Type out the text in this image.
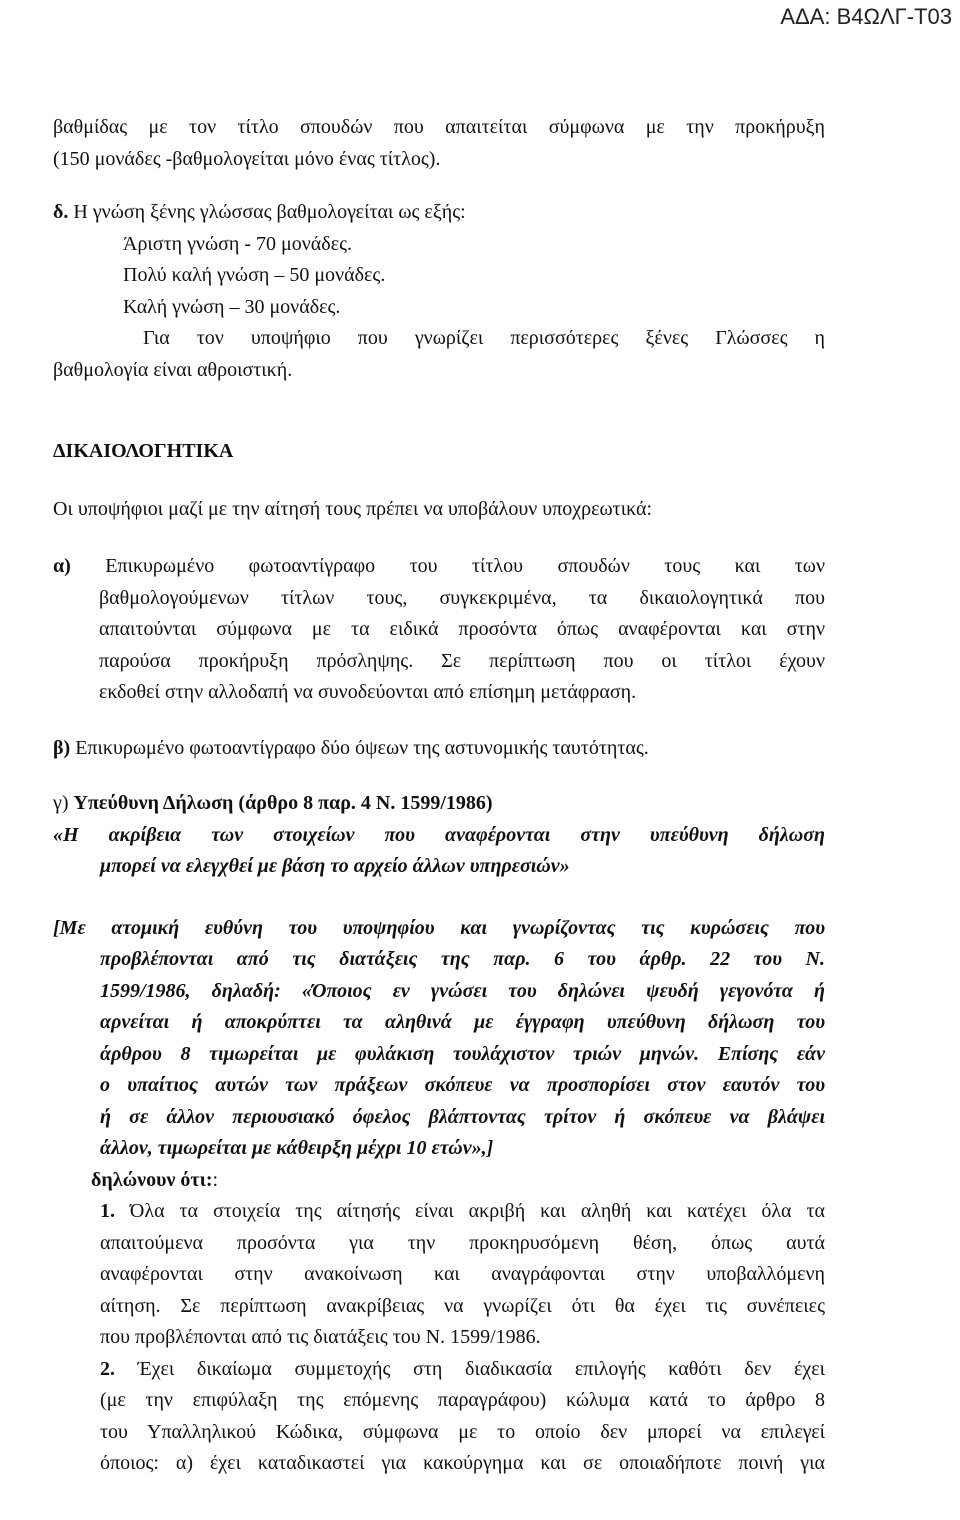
ΑΔΑ: Β4ΩΛΓ-Τ03
βαθμίδας με τον τίτλο σπουδών που απαιτείται σύμφωνα με την προκήρυξη
(150 μονάδες -βαθμολογείται μόνο ένας τίτλος).
δ. Η γνώση ξένης γλώσσας βαθμολογείται ως εξής:
Άριστη γνώση - 70 μονάδες.
Πολύ καλή γνώση – 50 μονάδες.
Καλή γνώση – 30 μονάδες.
Για τον υποψήφιο που γνωρίζει περισσότερες ξένες Γλώσσες η
βαθμολογία είναι αθροιστική.
ΔΙΚΑΙΟΛΟΓΗΤΙΚΑ
Οι υποψήφιοι μαζί με την αίτησή τους πρέπει να υποβάλουν υποχρεωτικά:
α) Επικυρωμένο φωτοαντίγραφο του τίτλου σπουδών τους και των
βαθμολογούμενων τίτλων τους, συγκεκριμένα, τα δικαιολογητικά που
απαιτούνται σύμφωνα με τα ειδικά προσόντα όπως αναφέρονται και στην
παρούσα προκήρυξη πρόσληψης. Σε περίπτωση που οι τίτλοι έχουν
εκδοθεί στην αλλοδαπή να συνοδεύονται από επίσημη μετάφραση.
β) Επικυρωμένο φωτοαντίγραφο δύο όψεων της αστυνομικής ταυτότητας.
γ) Υπεύθυνη Δήλωση (άρθρο 8 παρ. 4 Ν. 1599/1986)
«Η ακρίβεια των στοιχείων που αναφέρονται στην υπεύθυνη δήλωση
μπορεί να ελεγχθεί με βάση το αρχείο άλλων υπηρεσιών»
[Με ατομική ευθύνη του υποψηφίου και γνωρίζοντας τις κυρώσεις που
προβλέπονται από τις διατάξεις της παρ. 6 του άρθρ. 22 του Ν.
1599/1986, δηλαδή: «Όποιος εν γνώσει του δηλώνει ψευδή γεγονότα ή
αρνείται ή αποκρύπτει τα αληθινά με έγγραφη υπεύθυνη δήλωση του
άρθρου 8 τιμωρείται με φυλάκιση τουλάχιστον τριών μηνών. Επίσης εάν
ο υπαίτιος αυτών των πράξεων σκόπευε να προσπορίσει στον εαυτόν του
ή σε άλλον περιουσιακό όφελος βλάπτοντας τρίτον ή σκόπευε να βλάψει
άλλον, τιμωρείται με κάθειρξη μέχρι 10 ετών»,]
δηλώνουν ότι::
1. Όλα τα στοιχεία της αίτησής είναι ακριβή και αληθή και κατέχει όλα τα
απαιτούμενα προσόντα για την προκηρυσόμενη θέση, όπως αυτά
αναφέρονται στην ανακοίνωση και αναγράφονται στην υποβαλλόμενη
αίτηση. Σε περίπτωση ανακρίβειας να γνωρίζει ότι θα έχει τις συνέπειες
που προβλέπονται από τις διατάξεις του Ν. 1599/1986.
2. Έχει δικαίωμα συμμετοχής στη διαδικασία επιλογής καθότι δεν έχει
(με την επιφύλαξη της επόμενης παραγράφου) κώλυμα κατά το άρθρο 8
του Υπαλληλικού Κώδικα, σύμφωνα με το οποίο δεν μπορεί να επιλεγεί
όποιος: α) έχει καταδικαστεί για κακούργημα και σε οποιαδήποτε ποινή για
